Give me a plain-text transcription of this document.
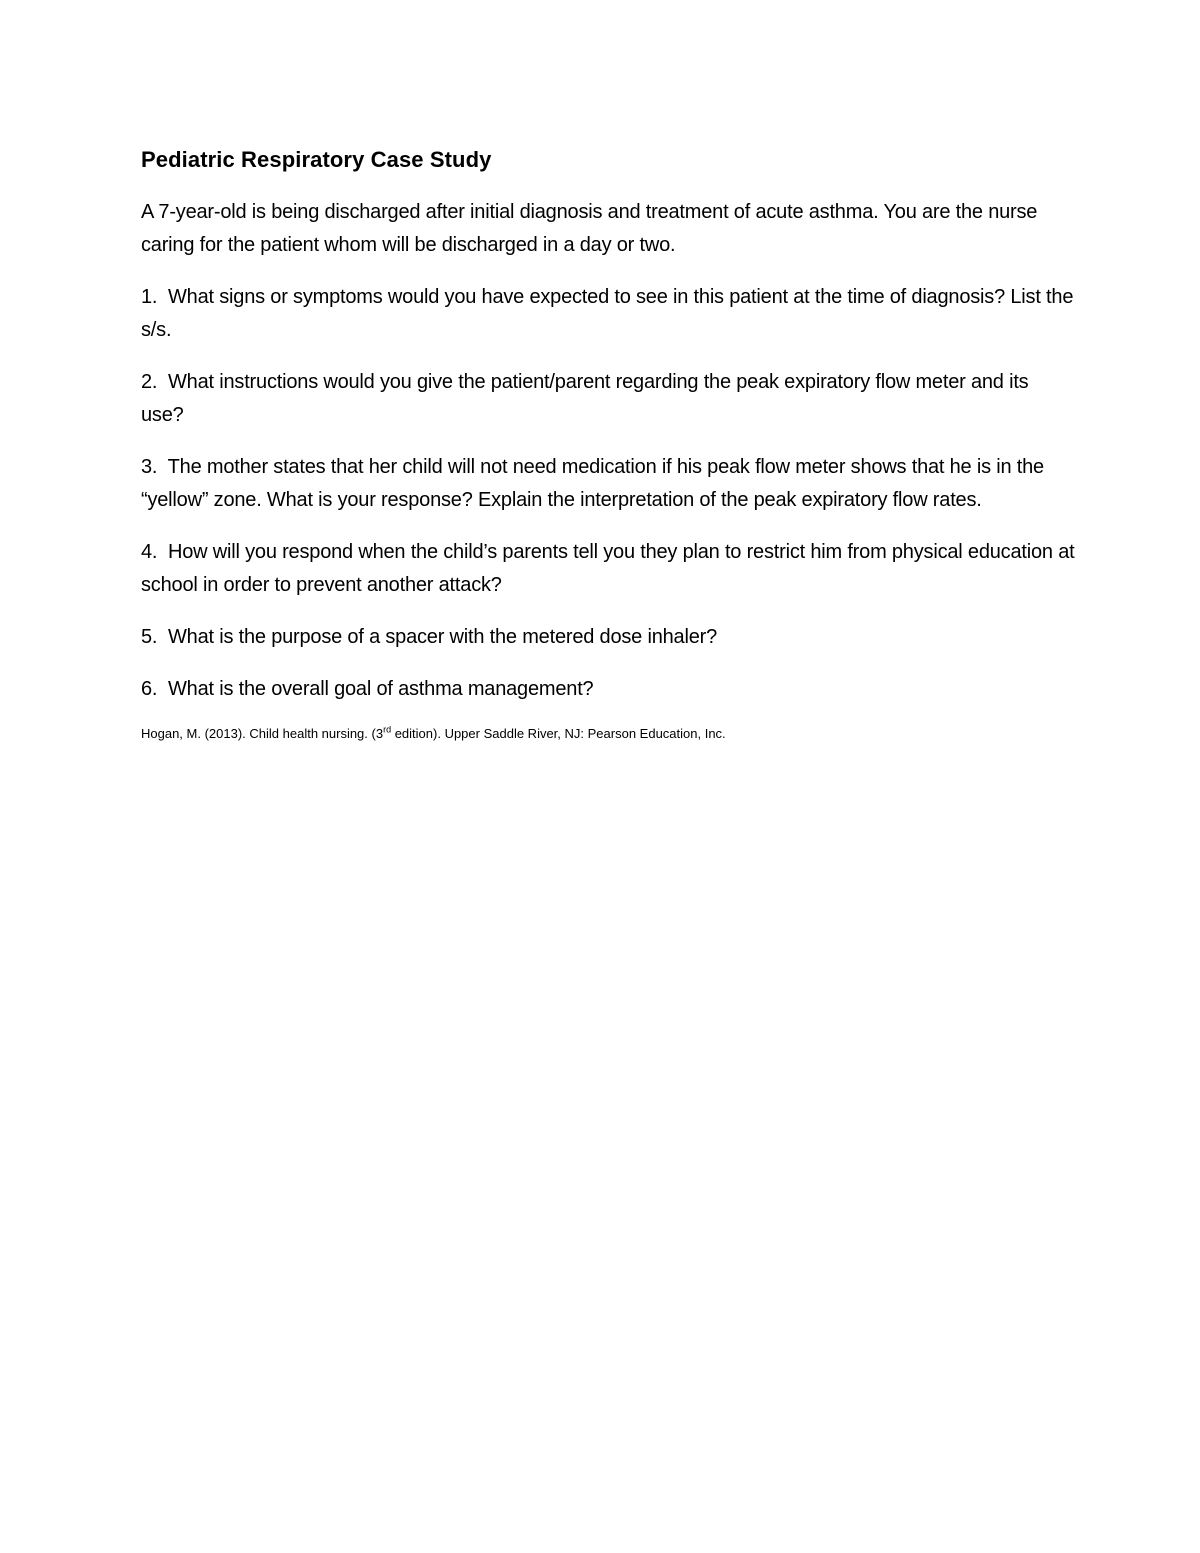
Pediatric Respiratory Case Study

A 7-year-old is being discharged after initial diagnosis and treatment of acute asthma. You are the nurse caring for the patient whom will be discharged in a day or two.

1. What signs or symptoms would you have expected to see in this patient at the time of diagnosis? List the s/s.

2. What instructions would you give the patient/parent regarding the peak expiratory flow meter and its use?

3. The mother states that her child will not need medication if his peak flow meter shows that he is in the “yellow” zone. What is your response? Explain the interpretation of the peak expiratory flow rates.

4. How will you respond when the child’s parents tell you they plan to restrict him from physical education at school in order to prevent another attack?

5. What is the purpose of a spacer with the metered dose inhaler?

6. What is the overall goal of asthma management?

Hogan, M. (2013). Child health nursing. (3rd edition). Upper Saddle River, NJ: Pearson Education, Inc.
